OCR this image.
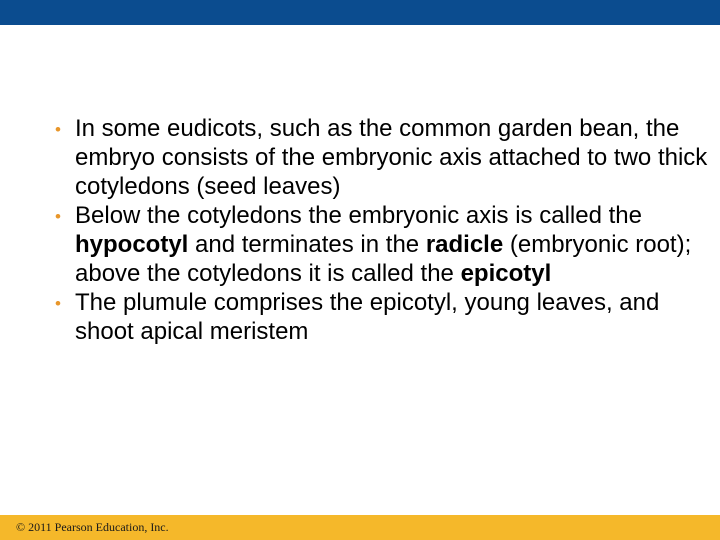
• In some eudicots, such as the common garden bean, the embryo consists of the embryonic axis attached to two thick cotyledons (seed leaves)
• Below the cotyledons the embryonic axis is called the hypocotyl and terminates in the radicle (embryonic root); above the cotyledons it is called the epicotyl
• The plumule comprises the epicotyl, young leaves, and shoot apical meristem
© 2011 Pearson Education, Inc.
